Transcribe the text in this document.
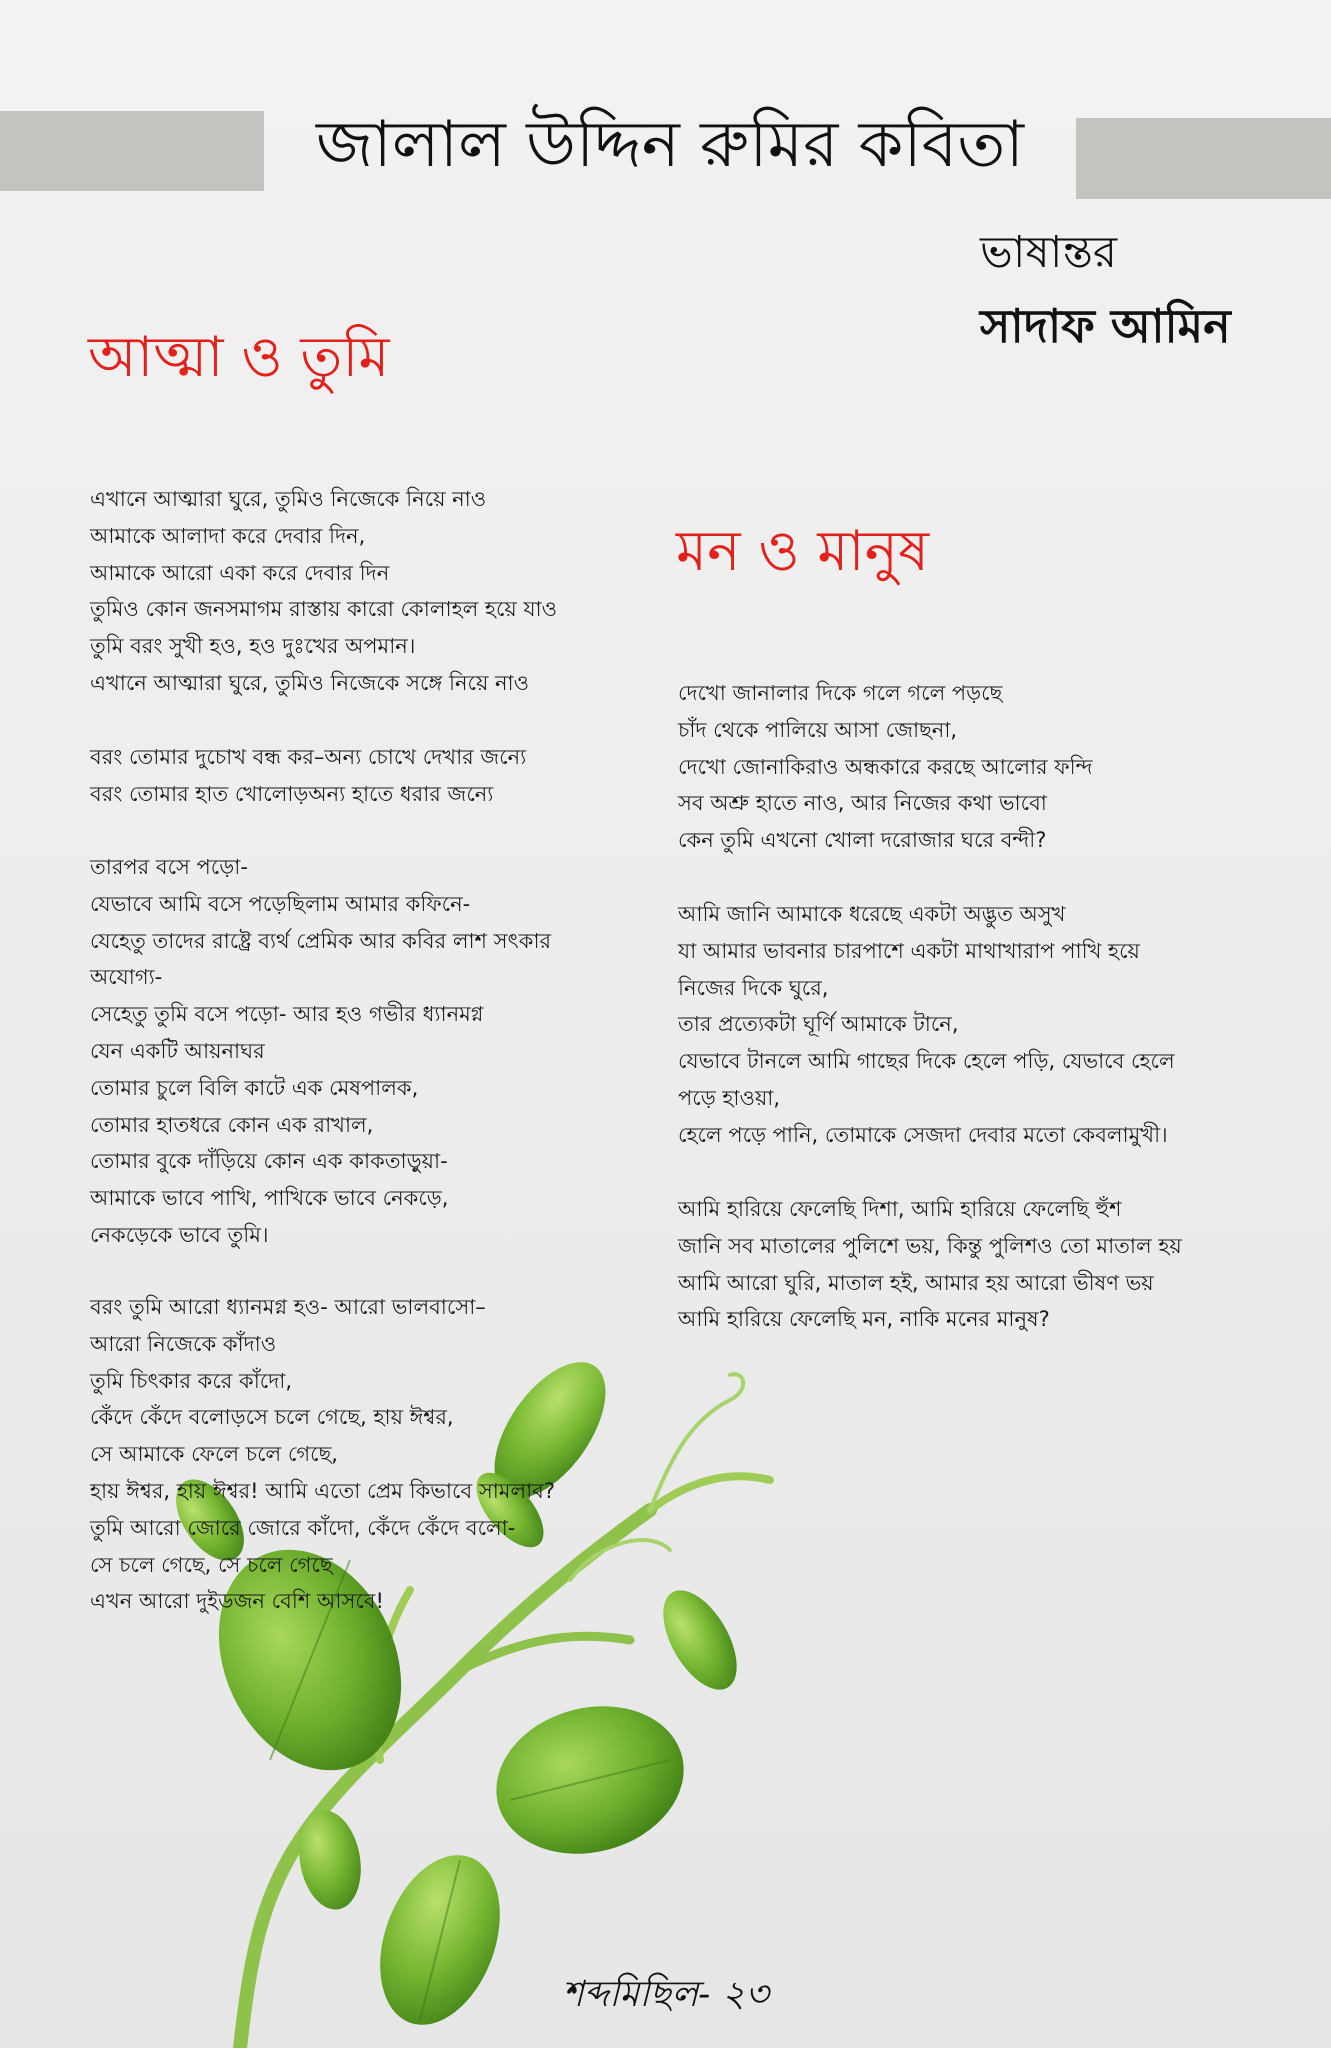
জালাল উদ্দিন রুমির কবিতা
ভাষান্তর
সাদাফ আমিন
আত্মা ও তুমি
এখানে আত্মারা ঘুরে, তুমিও নিজেকে নিয়ে নাও
আমাকে আলাদা করে দেবার দিন,
আমাকে আরো একা করে দেবার দিন
তুমিও কোন জনসমাগম রাস্তায় কারো কোলাহল হয়ে যাও
তুমি বরং সুখী হও, হও দুঃখের অপমান।
এখানে আত্মারা ঘুরে, তুমিও নিজেকে সঙ্গে নিয়ে নাও
বরং তোমার দুচোখ বন্ধ কর–অন্য চোখে দেখার জন্যে
বরং তোমার হাত খোলোড়অন্য হাতে ধরার জন্যে
তারপর বসে পড়ো-
যেভাবে আমি বসে পড়েছিলাম আমার কফিনে-
যেহেতু তাদের রাষ্ট্রে ব্যর্থ প্রেমিক আর কবির লাশ সৎকার
অযোগ্য-
সেহেতু তুমি বসে পড়ো- আর হও গভীর ধ্যানমগ্ন
যেন একটি আয়নাঘর
তোমার চুলে বিলি কাটে এক মেষপালক,
তোমার হাতধরে কোন এক রাখাল,
তোমার বুকে দাঁড়িয়ে কোন এক কাকতাড়ুয়া-
আমাকে ভাবে পাখি, পাখিকে ভাবে নেকড়ে,
নেকড়েকে ভাবে তুমি।
বরং তুমি আরো ধ্যানমগ্ন হও- আরো ভালবাসো–
আরো নিজেকে কাঁদাও
তুমি চিৎকার করে কাঁদো,
কেঁদে কেঁদে বলোড়সে চলে গেছে, হায় ঈশ্বর,
সে আমাকে ফেলে চলে গেছে,
হায় ঈশ্বর, হায় ঈশ্বর! আমি এতো প্রেম কিভাবে সামলাব?
তুমি আরো জোরে জোরে কাঁদো, কেঁদে কেঁদে বলো-
সে চলে গেছে, সে চলে গেছে
এখন আরো দুইডজন বেশি আসবে!
মন ও মানুষ
দেখো জানালার দিকে গলে গলে পড়ছে
চাঁদ থেকে পালিয়ে আসা জোছনা,
দেখো জোনাকিরাও অন্ধকারে করছে আলোর ফন্দি
সব অশ্রু হাতে নাও, আর নিজের কথা ভাবো
কেন তুমি এখনো খোলা দরোজার ঘরে বন্দী?
আমি জানি আমাকে ধরেছে একটা অদ্ভুত অসুখ
যা আমার ভাবনার চারপাশে একটা মাথাখারাপ পাখি হয়ে
নিজের দিকে ঘুরে,
তার প্রত্যেকটা ঘূর্ণি আমাকে টানে,
যেভাবে টানলে আমি গাছের দিকে হেলে পড়ি, যেভাবে হেলে
পড়ে হাওয়া,
হেলে পড়ে পানি, তোমাকে সেজদা দেবার মতো কেবলামুখী।
আমি হারিয়ে ফেলেছি দিশা, আমি হারিয়ে ফেলেছি হুঁশ
জানি সব মাতালের পুলিশে ভয়, কিন্তু পুলিশও তো মাতাল হয়
আমি আরো ঘুরি, মাতাল হই, আমার হয় আরো ভীষণ ভয়
আমি হারিয়ে ফেলেছি মন, নাকি মনের মানুষ?
শব্দমিছিল- ২৩
